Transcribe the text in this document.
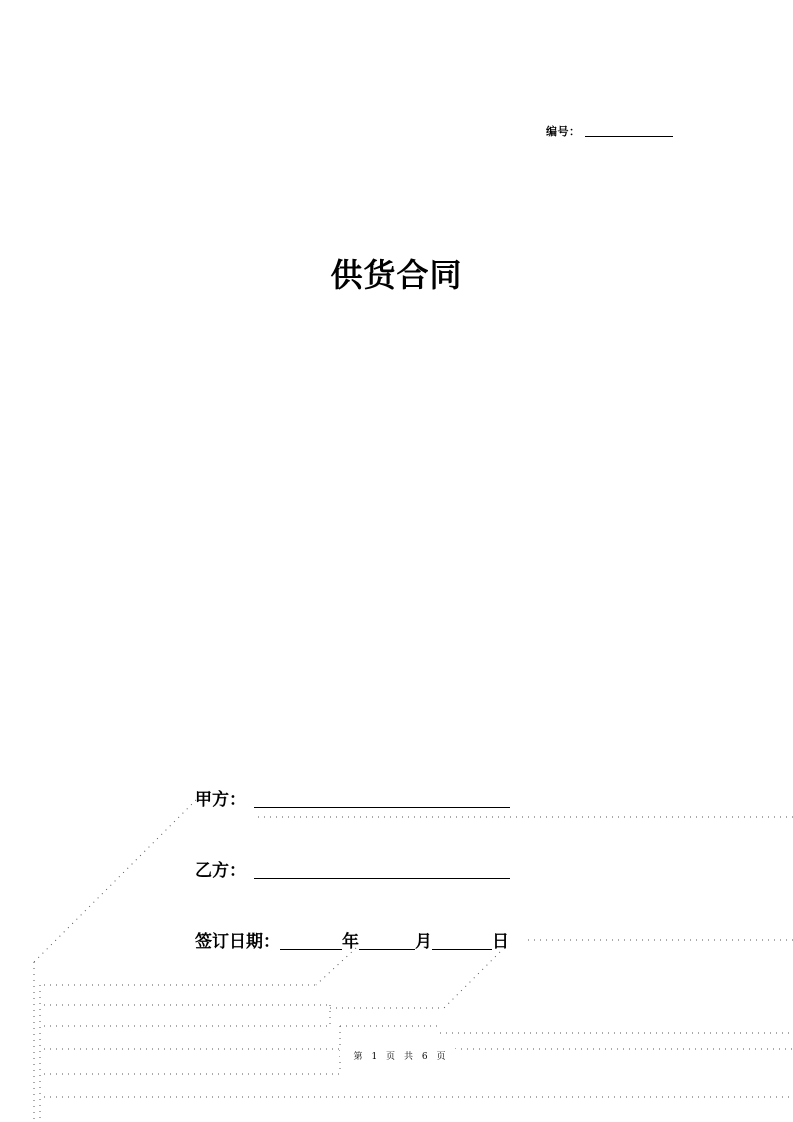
编号：
供货合同
甲方：
乙方：
签订日期：	年	月	日
第 1 页 共 6 页
